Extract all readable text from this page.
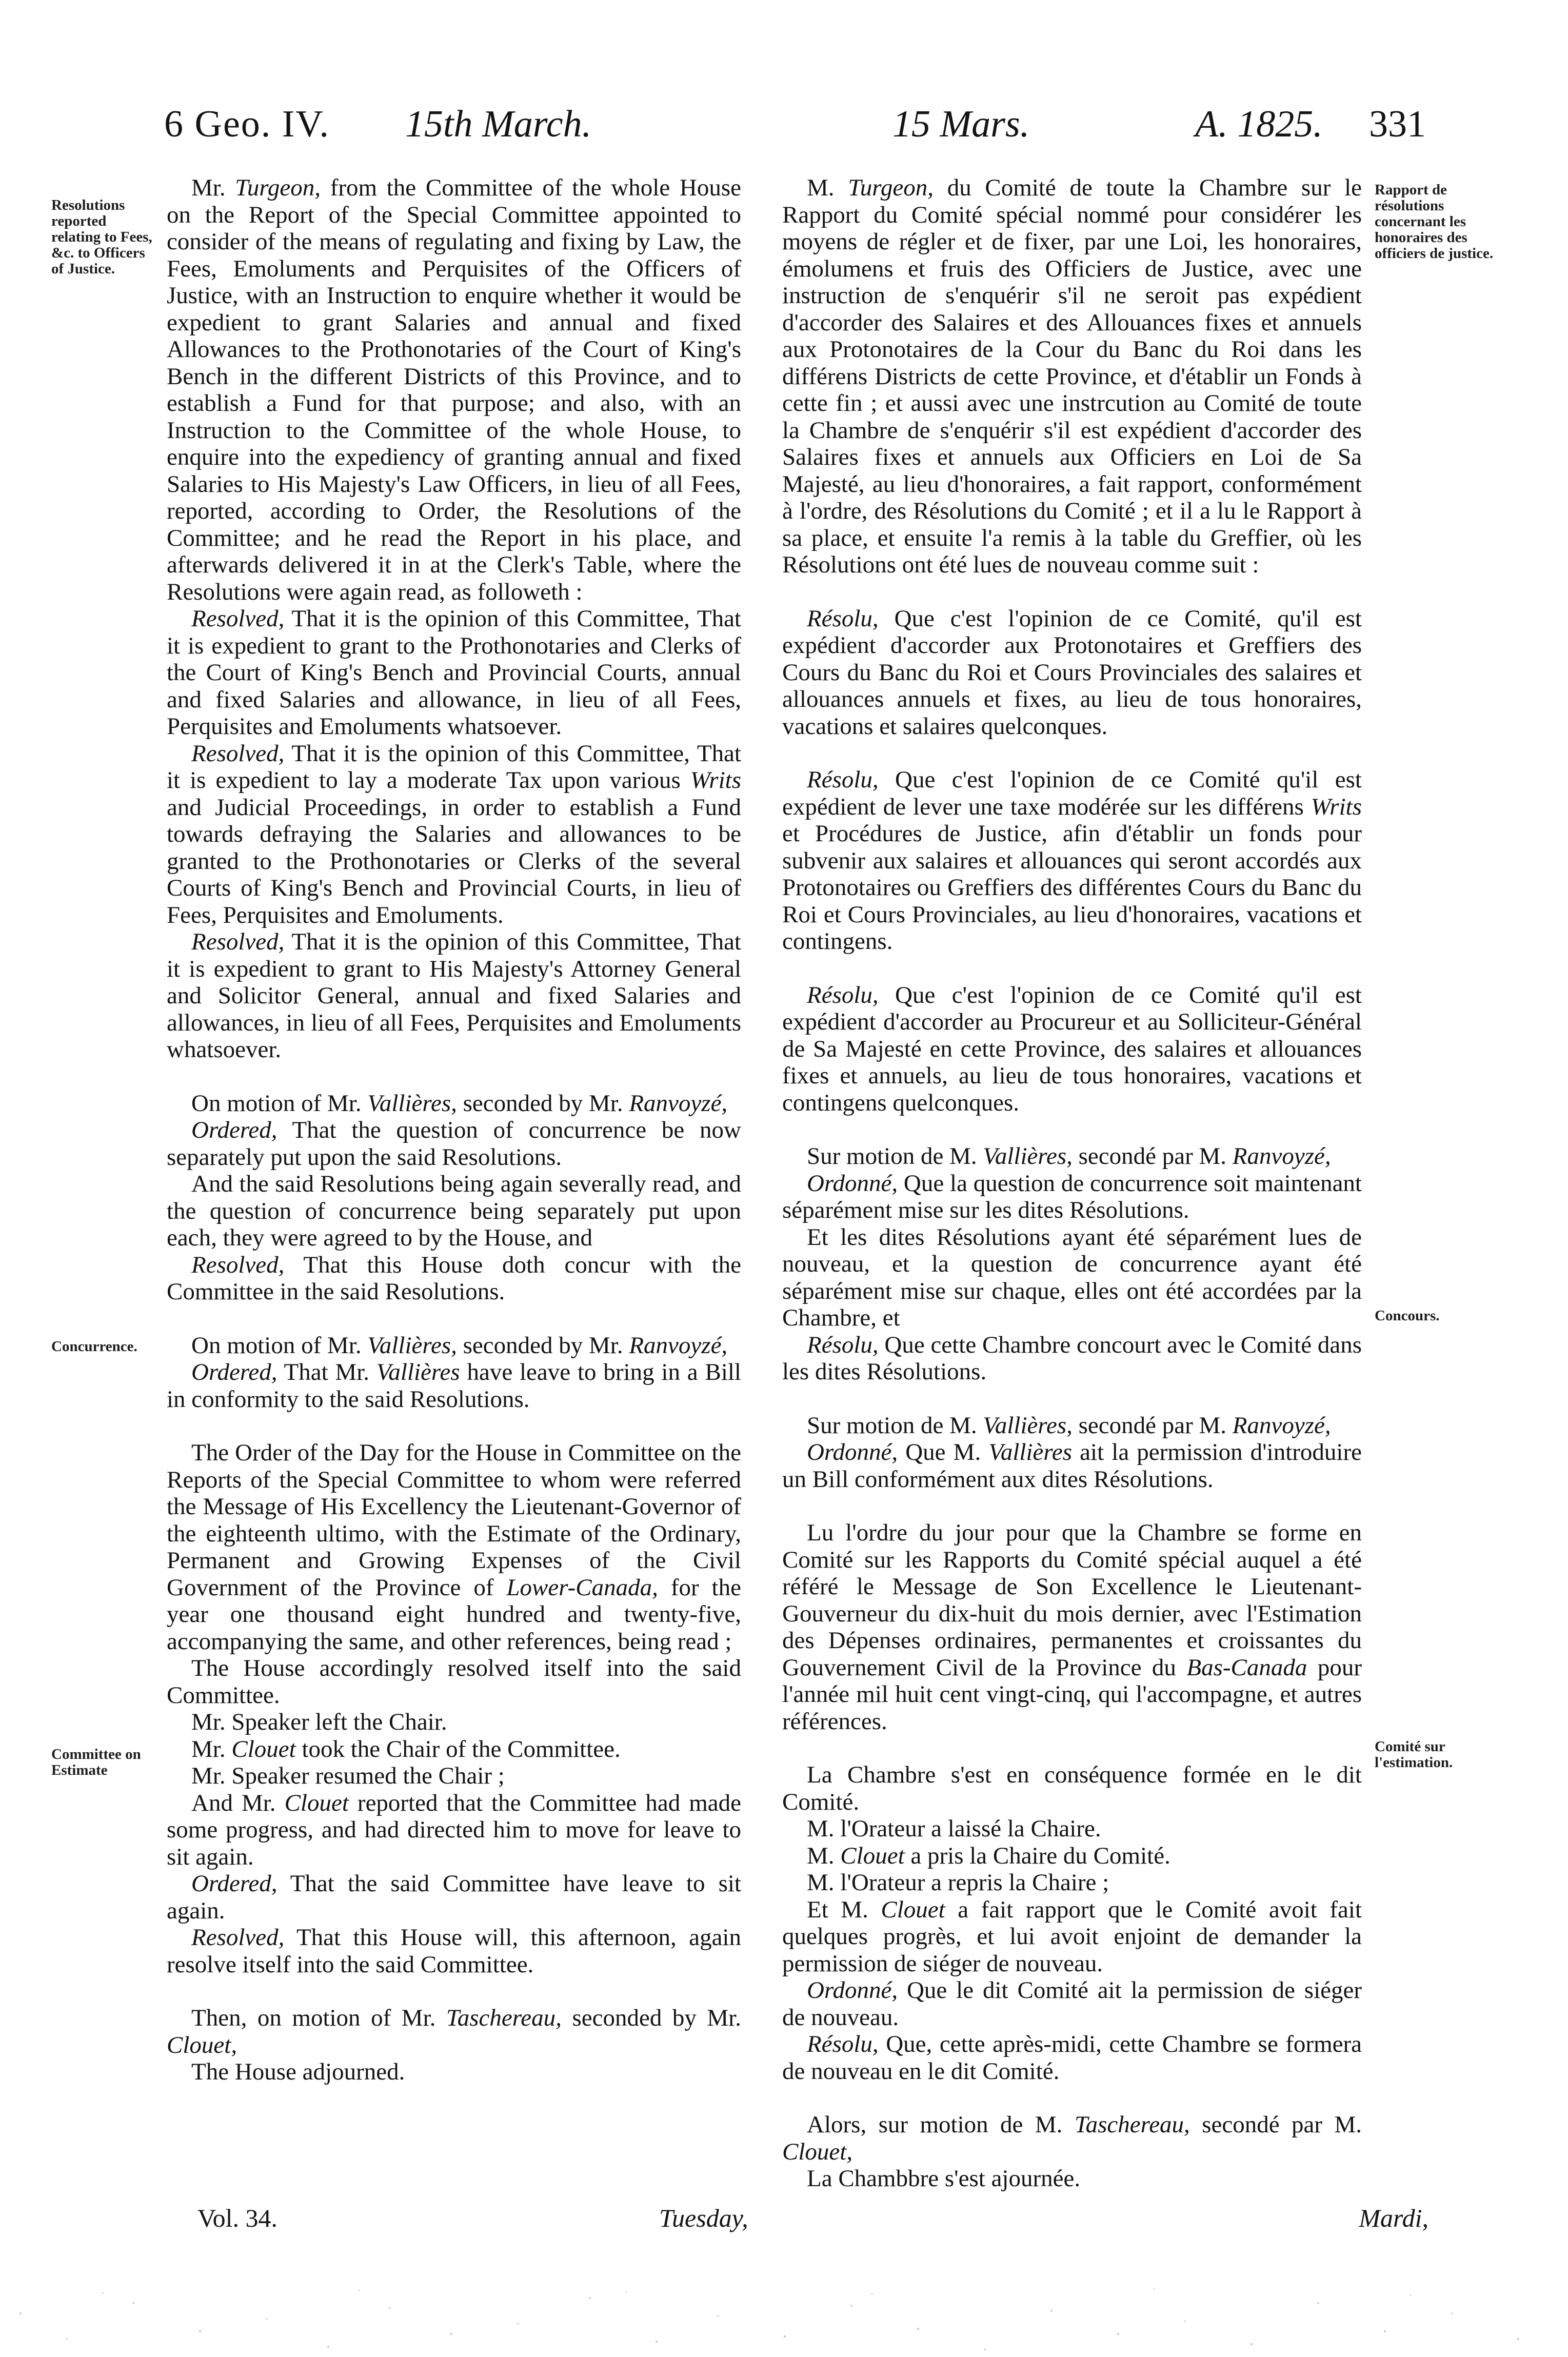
6 Geo. IV. 15th March.	15 Mars.	A. 1825. 331
Resolutions reported relating to Fees, &c. to Officers of Justice.
Rapport de résolutions concernant les honoraires des officiers de justice.
Concurrence.
Concours.
Committee on Estimate
Comité sur l'estimation.

Mr. Turgeon, from the Committee of the whole House on the Report of the Special Committee appointed to consider of the means of regulating and fixing by Law, the Fees, Emoluments and Perquisites of the Officers of Justice, with an Instruction to enquire whether it would be expedient to grant Salaries and annual and fixed Allowances to the Prothonotaries of the Court of King's Bench in the different Districts of this Province, and to establish a Fund for that purpose; and also, with an Instruction to the Committee of the whole House, to enquire into the expediency of granting annual and fixed Salaries to His Majesty's Law Officers, in lieu of all Fees, reported, according to Order, the Resolutions of the Committee; and he read the Report in his place, and afterwards delivered it in at the Clerk's Table, where the Resolutions were again read, as followeth :

Resolved, That it is the opinion of this Committee, That it is expedient to grant to the Prothonotaries and Clerks of the Court of King's Bench and Provincial Courts, annual and fixed Salaries and allowance, in lieu of all Fees, Perquisites and Emoluments whatsoever.

Resolved, That it is the opinion of this Committee, That it is expedient to lay a moderate Tax upon various Writs and Judicial Proceedings, in order to establish a Fund towards defraying the Salaries and allowances to be granted to the Prothonotaries or Clerks of the several Courts of King's Bench and Provincial Courts, in lieu of Fees, Perquisites and Emoluments.

Resolved, That it is the opinion of this Committee, That it is expedient to grant to His Majesty's Attorney General and Solicitor General, annual and fixed Salaries and allowances, in lieu of all Fees, Perquisites and Emoluments whatsoever.

On motion of Mr. Vallières, seconded by Mr. Ranvoyzé,

Ordered, That the question of concurrence be now separately put upon the said Resolutions.

And the said Resolutions being again severally read, and the question of concurrence being separately put upon each, they were agreed to by the House, and

Resolved, That this House doth concur with the Committee in the said Resolutions.

On motion of Mr. Vallières, seconded by Mr. Ranvoyzé,

Ordered, That Mr. Vallières have leave to bring in a Bill in conformity to the said Resolutions.

The Order of the Day for the House in Committee on the Reports of the Special Committee to whom were referred the Message of His Excellency the Lieutenant-Governor of the eighteenth ultimo, with the Estimate of the Ordinary, Permanent and Growing Expenses of the Civil Government of the Province of Lower-Canada, for the year one thousand eight hundred and twenty-five, accompanying the same, and other references, being read ;

The House accordingly resolved itself into the said Committee.

Mr. Speaker left the Chair.

Mr. Clouet took the Chair of the Committee.

Mr. Speaker resumed the Chair ;

And Mr. Clouet reported that the Committee had made some progress, and had directed him to move for leave to sit again.

Ordered, That the said Committee have leave to sit again.

Resolved, That this House will, this afternoon, again resolve itself into the said Committee.

Then, on motion of Mr. Taschereau, seconded by Mr. Clouet,

The House adjourned.

M. Turgeon, du Comité de toute la Chambre sur le Rapport du Comité spécial nommé pour considérer les moyens de régler et de fixer, par une Loi, les honoraires, émolumens et fruis des Officiers de Justice, avec une instruction de s'enquérir s'il ne seroit pas expédient d'accorder des Salaires et des Allouances fixes et annuels aux Protonotaires de la Cour du Banc du Roi dans les différens Districts de cette Province, et d'établir un Fonds à cette fin ; et aussi avec une instrcution au Comité de toute la Chambre de s'enquérir s'il est expédient d'accorder des Salaires fixes et annuels aux Officiers en Loi de Sa Majesté, au lieu d'honoraires, a fait rapport, conformément à l'ordre, des Résolutions du Comité ; et il a lu le Rapport à sa place, et ensuite l'a remis à la table du Greffier, où les Résolutions ont été lues de nouveau comme suit :

Résolu, Que c'est l'opinion de ce Comité, qu'il est expédient d'accorder aux Protonotaires et Greffiers des Cours du Banc du Roi et Cours Provinciales des salaires et allouances annuels et fixes, au lieu de tous honoraires, vacations et salaires quelconques.

Résolu, Que c'est l'opinion de ce Comité qu'il est expédient de lever une taxe modérée sur les différens Writs et Procédures de Justice, afin d'établir un fonds pour subvenir aux salaires et allouances qui seront accordés aux Protonotaires ou Greffiers des différentes Cours du Banc du Roi et Cours Provinciales, au lieu d'honoraires, vacations et contingens.

Résolu, Que c'est l'opinion de ce Comité qu'il est expédient d'accorder au Procureur et au Solliciteur-Général de Sa Majesté en cette Province, des salaires et allouances fixes et annuels, au lieu de tous honoraires, vacations et contingens quelconques.

Sur motion de M. Vallières, secondé par M. Ranvoyzé,

Ordonné, Que la question de concurrence soit maintenant séparément mise sur les dites Résolutions.

Et les dites Résolutions ayant été séparément lues de nouveau, et la question de concurrence ayant été séparément mise sur chaque, elles ont été accordées par la Chambre, et

Résolu, Que cette Chambre concourt avec le Comité dans les dites Résolutions.

Sur motion de M. Vallières, secondé par M. Ranvoyzé,

Ordonné, Que M. Vallières ait la permission d'introduire un Bill conformément aux dites Résolutions.

Lu l'ordre du jour pour que la Chambre se forme en Comité sur les Rapports du Comité spécial auquel a été référé le Message de Son Excellence le Lieutenant-Gouverneur du dix-huit du mois dernier, avec l'Estimation des Dépenses ordinaires, permanentes et croissantes du Gouvernement Civil de la Province du Bas-Canada pour l'année mil huit cent vingt-cinq, qui l'accompagne, et autres références.

La Chambre s'est en conséquence formée en le dit Comité.

M. l'Orateur a laissé la Chaire.

M. Clouet a pris la Chaire du Comité.

M. l'Orateur a repris la Chaire ;

Et M. Clouet a fait rapport que le Comité avoit fait quelques progrès, et lui avoit enjoint de demander la permission de siéger de nouveau.

Ordonné, Que le dit Comité ait la permission de siéger de nouveau.

Résolu, Que, cette après-midi, cette Chambre se formera de nouveau en le dit Comité.

Alors, sur motion de M. Taschereau, secondé par M. Clouet,

La Chambbre s'est ajournée.

Vol. 34.	Tuesday,	Mardi,
